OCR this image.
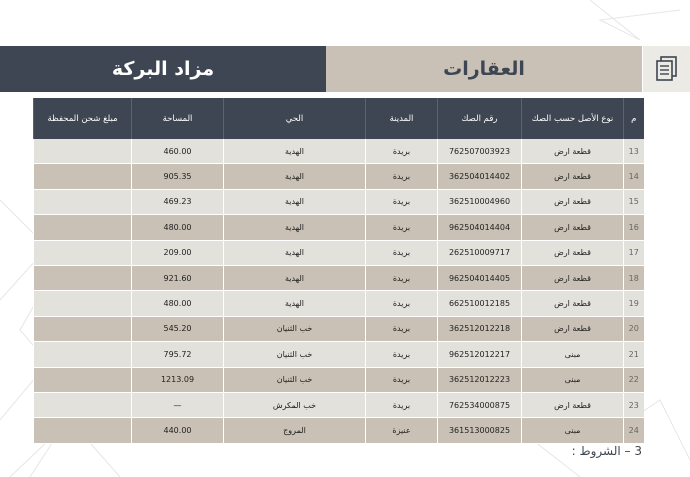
مزاد البركة	العقارات
م	نوع الأصل حسب الصك	رقم الصك	المدينة	الحي	المساحة	مبلغ شحن المحفظة
13	قطعة ارض	762507003923	بريدة	الهدية	460.00	
14	قطعة ارض	362504014402	بريدة	الهدية	905.35	
15	قطعة ارض	362510004960	بريدة	الهدية	469.23	
16	قطعة ارض	962504014404	بريدة	الهدية	480.00	
17	قطعة ارض	262510009717	بريدة	الهدية	209.00	
18	قطعة ارض	962504014405	بريدة	الهدية	921.60	
19	قطعة ارض	662510012185	بريدة	الهدية	480.00	
20	قطعة ارض	362512012218	بريدة	خب الثنيان	545.20	
21	مبنى	962512012217	بريدة	خب الثنيان	795.72	
22	مبنى	362512012223	بريدة	خب الثنيان	1213.09	
23	قطعة ارض	762534000875	بريدة	خب المكرش	—	
24	مبنى	361513000825	عنيزة	المروج	440.00	
3 – الشروط :
